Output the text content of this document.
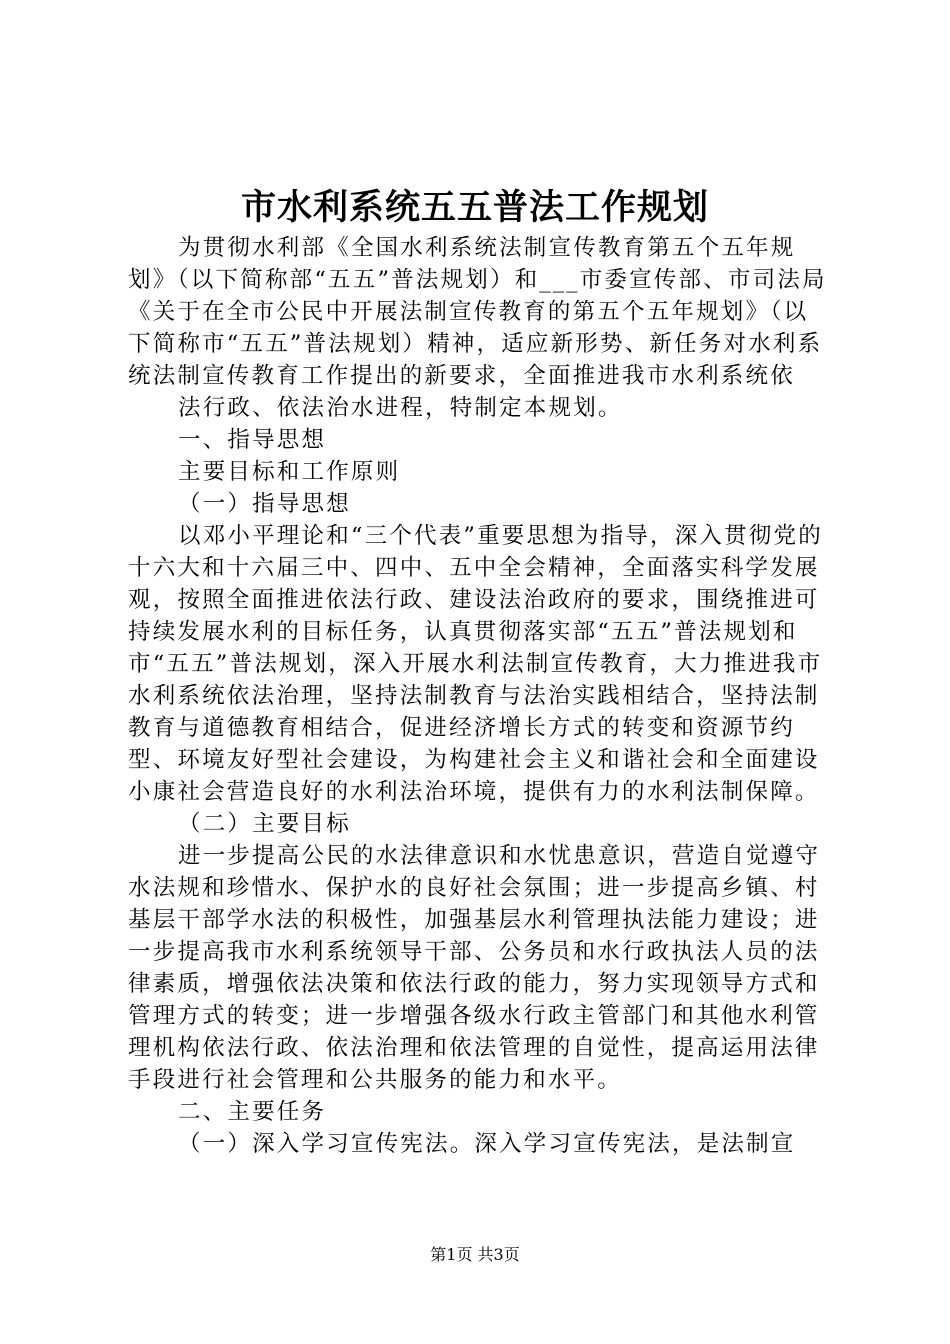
市水利系统五五普法工作规划

为贯彻水利部《全国水利系统法制宣传教育第五个五年规划》（以下简称部“五五”普法规划）和___市委宣传部、市司法局《关于在全市公民中开展法制宣传教育的第五个五年规划》（以下简称市“五五”普法规划）精神，适应新形势、新任务对水利系统法制宣传教育工作提出的新要求，全面推进我市水利系统依

法行政、依法治水进程，特制定本规划。

一、指导思想

主要目标和工作原则

（一）指导思想

以邓小平理论和“三个代表”重要思想为指导，深入贯彻党的十六大和十六届三中、四中、五中全会精神，全面落实科学发展观，按照全面推进依法行政、建设法治政府的要求，围绕推进可持续发展水利的目标任务，认真贯彻落实部“五五”普法规划和市“五五”普法规划，深入开展水利法制宣传教育，大力推进我市水利系统依法治理，坚持法制教育与法治实践相结合，坚持法制教育与道德教育相结合，促进经济增长方式的转变和资源节约型、环境友好型社会建设，为构建社会主义和谐社会和全面建设小康社会营造良好的水利法治环境，提供有力的水利法制保障。

（二）主要目标

进一步提高公民的水法律意识和水忧患意识，营造自觉遵守水法规和珍惜水、保护水的良好社会氛围；进一步提高乡镇、村基层干部学水法的积极性，加强基层水利管理执法能力建设；进一步提高我市水利系统领导干部、公务员和水行政执法人员的法律素质，增强依法决策和依法行政的能力，努力实现领导方式和管理方式的转变；进一步增强各级水行政主管部门和其他水利管理机构依法行政、依法治理和依法管理的自觉性，提高运用法律手段进行社会管理和公共服务的能力和水平。

二、主要任务

（一）深入学习宣传宪法。深入学习宣传宪法，是法制宣

第1页 共3页
